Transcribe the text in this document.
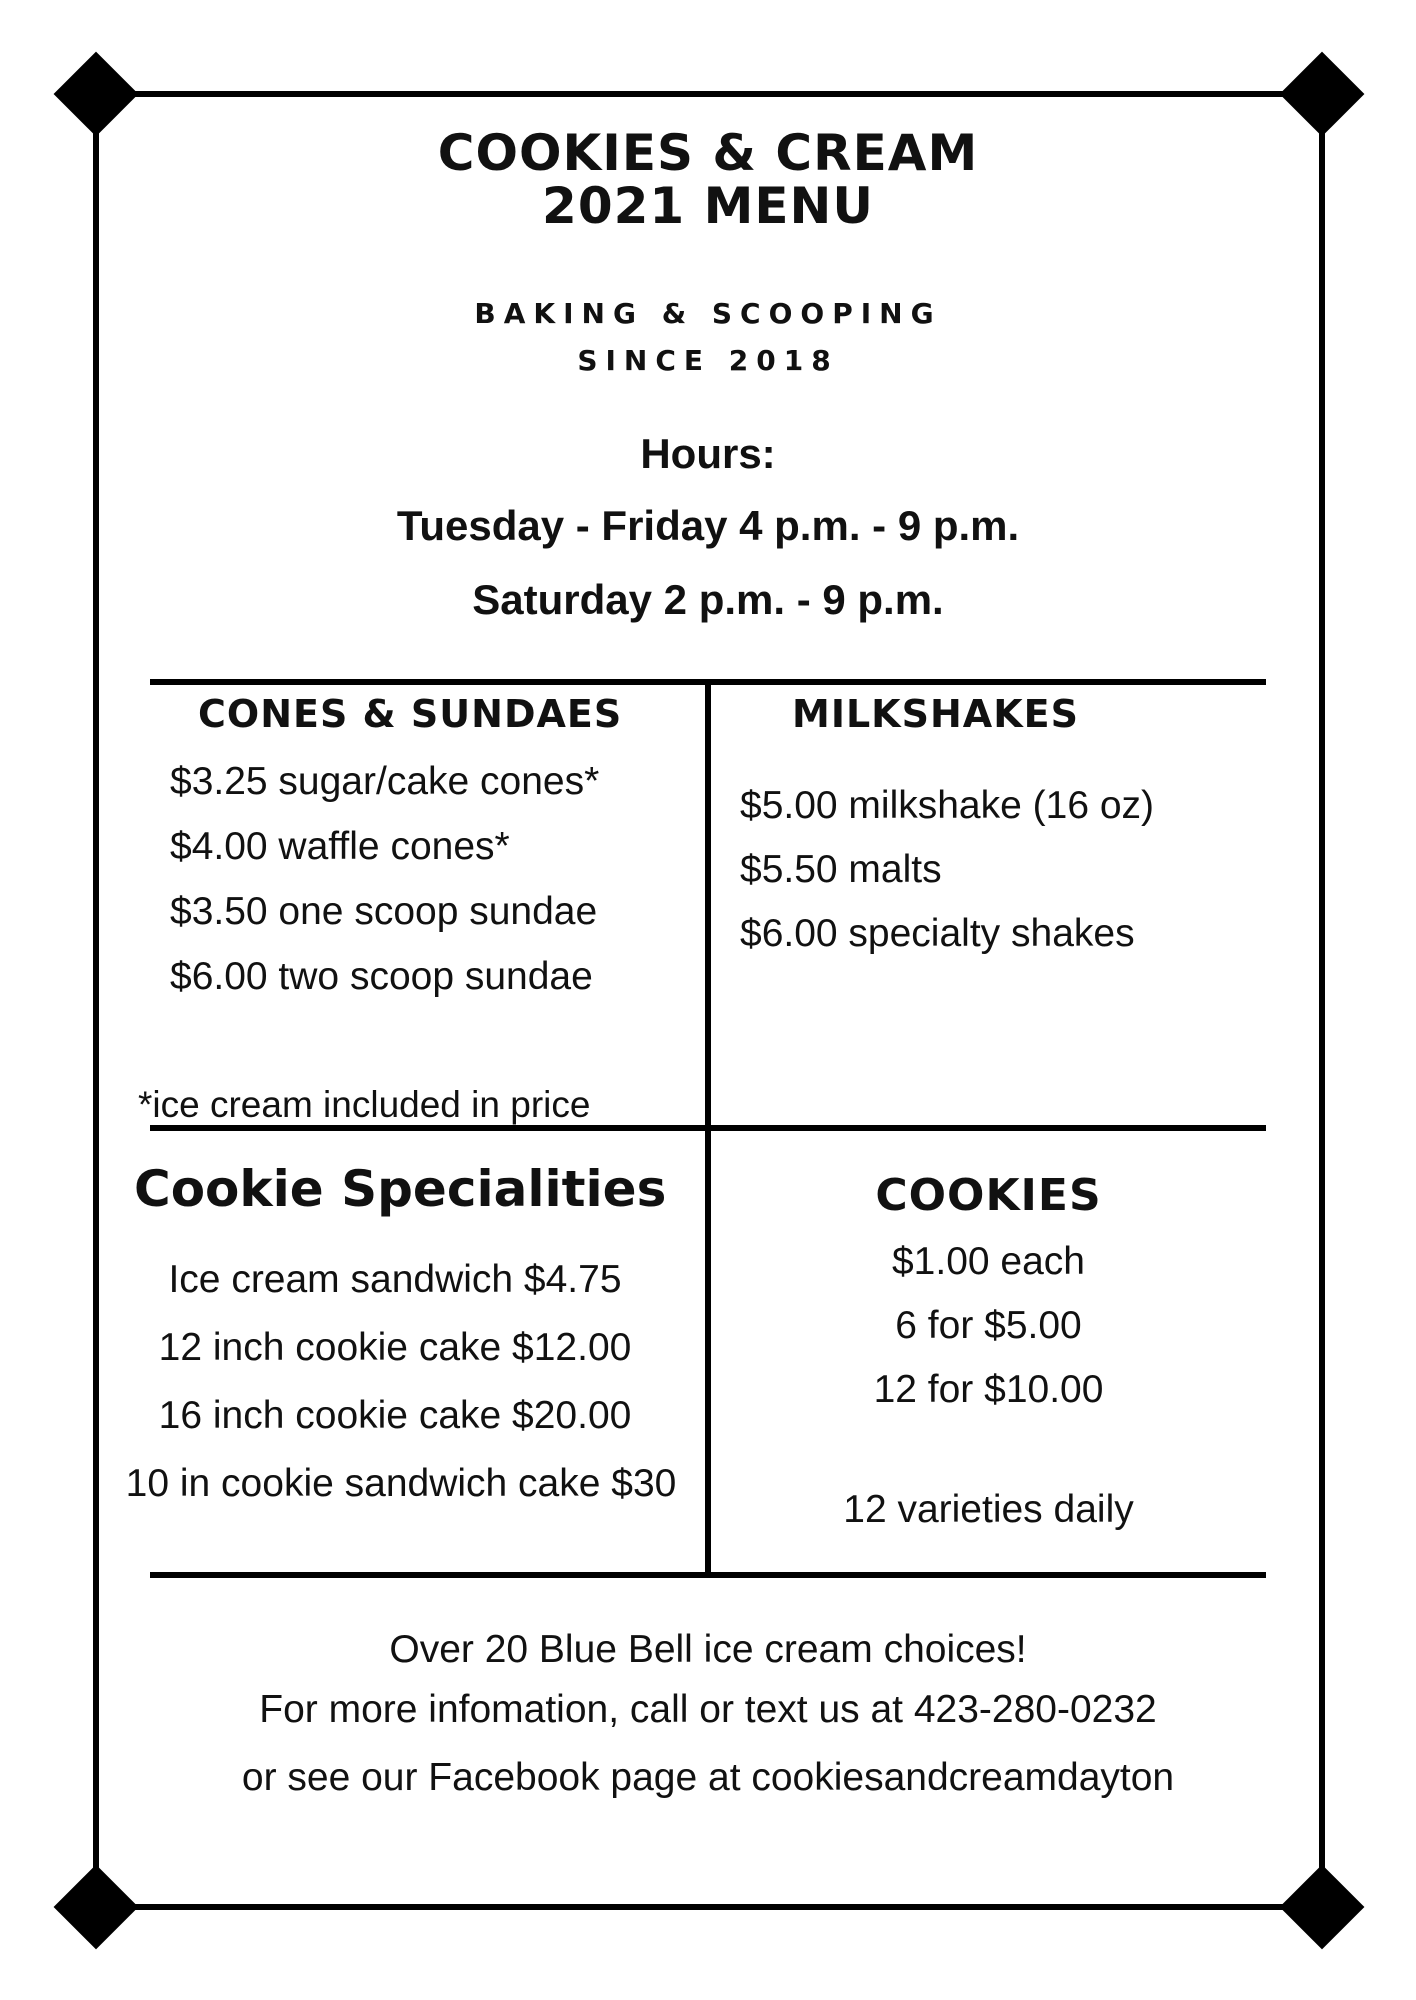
COOKIES & CREAM
2021 MENU
BAKING & SCOOPING
SINCE 2018
Hours:
Tuesday - Friday 4 p.m. - 9 p.m.
Saturday 2 p.m. - 9 p.m.
CONES & SUNDAES
$3.25 sugar/cake cones*
$4.00 waffle cones*
$3.50 one scoop sundae
$6.00 two scoop sundae
*ice cream included in price
MILKSHAKES
$5.00 milkshake (16 oz)
$5.50 malts
$6.00 specialty shakes
Cookie Specialities
Ice cream sandwich $4.75
12 inch cookie cake $12.00
16 inch cookie cake $20.00
10 in cookie sandwich cake $30
COOKIES
$1.00 each
6 for $5.00
12 for $10.00
12 varieties daily
Over 20 Blue Bell ice cream choices!
For more infomation, call or text us at 423-280-0232
or see our Facebook page at cookiesandcreamdayton
